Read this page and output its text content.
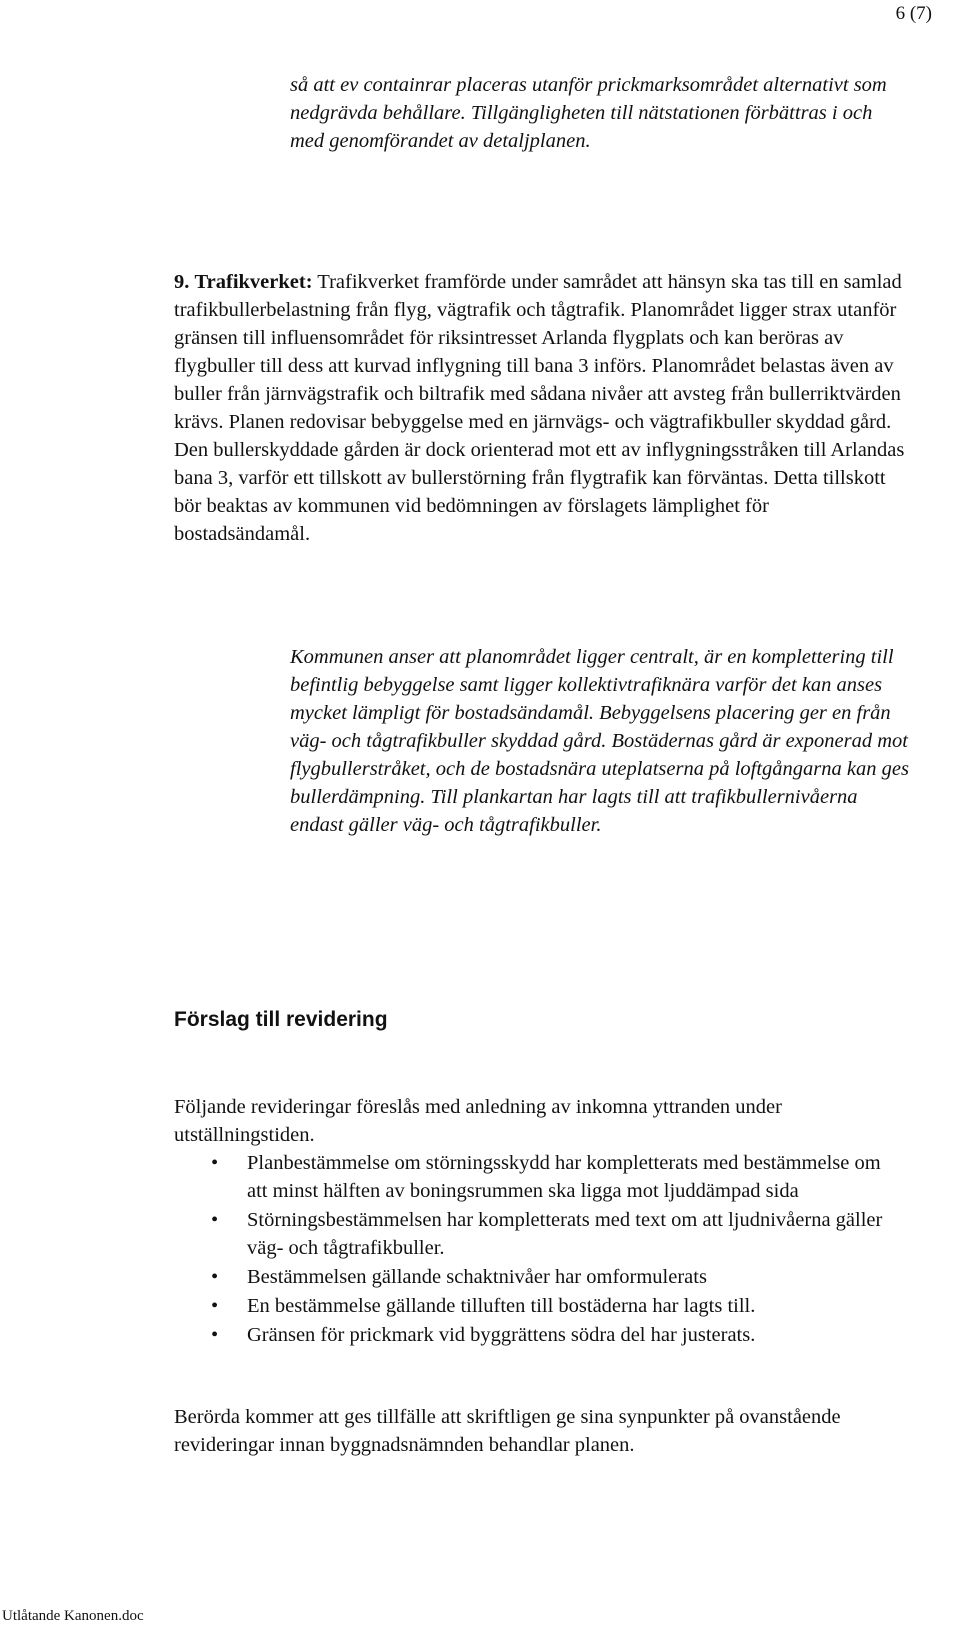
6 (7)

så att ev containrar placeras utanför prickmarksområdet alternativt som nedgrävda behållare. Tillgängligheten till nätstationen förbättras i och med genomförandet av detaljplanen.

9. Trafikverket: Trafikverket framförde under samrådet att hänsyn ska tas till en samlad trafikbullerbelastning från flyg, vägtrafik och tågtrafik. Planområdet ligger strax utanför gränsen till influensområdet för riksintresset Arlanda flygplats och kan beröras av flygbuller till dess att kurvad inflygning till bana 3 införs. Planområdet belastas även av buller från järnvägstrafik och biltrafik med sådana nivåer att avsteg från bullerriktvärden krävs. Planen redovisar bebyggelse med en järnvägs- och vägtrafikbuller skyddad gård. Den bullerskyddade gården är dock orienterad mot ett av inflygningsstråken till Arlandas bana 3, varför ett tillskott av bullerstörning från flygtrafik kan förväntas. Detta tillskott bör beaktas av kommunen vid bedömningen av förslagets lämplighet för bostadsändamål.

Kommunen anser att planområdet ligger centralt, är en komplettering till befintlig bebyggelse samt ligger kollektivtrafiknära varför det kan anses mycket lämpligt för bostadsändamål. Bebyggelsens placering ger en från väg- och tågtrafikbuller skyddad gård. Bostädernas gård är exponerad mot flygbullerstråket, och de bostadsnära uteplatserna på loftgångarna kan ges bullerdämpning. Till plankartan har lagts till att trafikbullernivåerna endast gäller väg- och tågtrafikbuller.

Förslag till revidering

Följande revideringar föreslås med anledning av inkomna yttranden under utställningstiden.

• Planbestämmelse om störningsskydd har kompletterats med bestämmelse om att minst hälften av boningsrummen ska ligga mot ljuddämpad sida
• Störningsbestämmelsen har kompletterats med text om att ljudnivåerna gäller väg- och tågtrafikbuller.
• Bestämmelsen gällande schaktnivåer har omformulerats
• En bestämmelse gällande tilluften till bostäderna har lagts till.
• Gränsen för prickmark vid byggrättens södra del har justerats.

Berörda kommer att ges tillfälle att skriftligen ge sina synpunkter på ovanstående revideringar innan byggnadsnämnden behandlar planen.

Utlåtande Kanonen.doc
